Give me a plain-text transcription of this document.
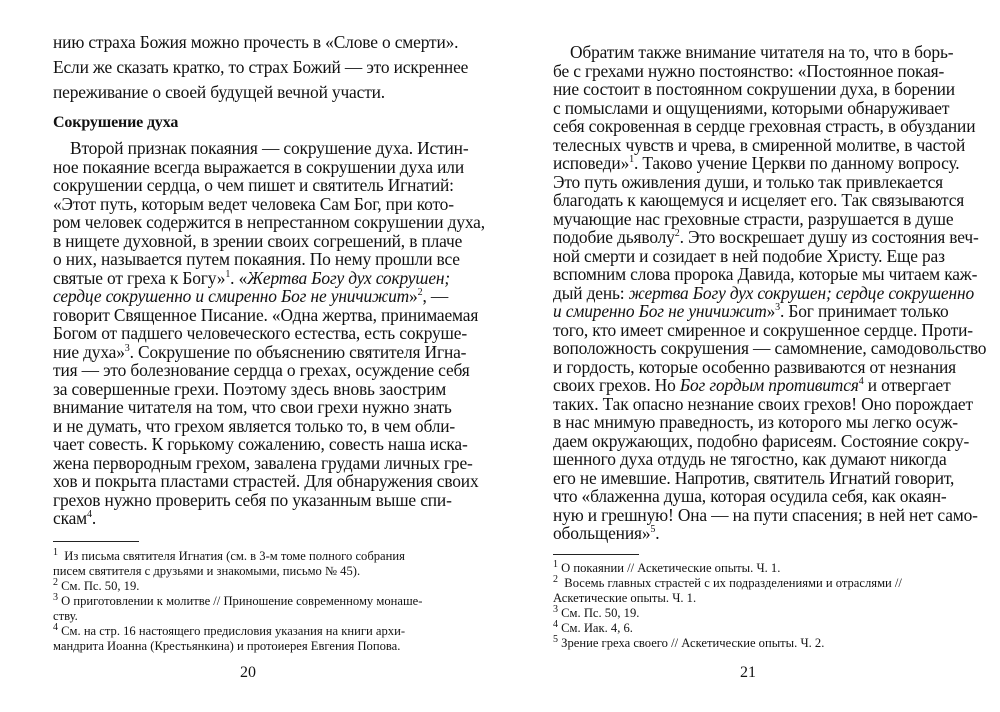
нию страха Божия можно прочесть в «Слове о смерти».
Если же сказать кратко, то страх Божий — это искреннее
переживание о своей будущей вечной участи.
Сокрушение духа
Второй признак покаяния — сокрушение духа. Истин-
ное покаяние всегда выражается в сокрушении духа или
сокрушении сердца, о чем пишет и святитель Игнатий:
«Этот путь, которым ведет человека Сам Бог, при кото-
ром человек содержится в непрестанном сокрушении духа,
в нищете духовной, в зрении своих согрешений, в плаче
о них, называется путем покаяния. По нему прошли все
святые от греха к Богу»$^1$. «Жертва Богу дух сокрушен;
сердце сокрушенно и смиренно Бог не уничижит»$^2$, —
говорит Священное Писание. «Одна жертва, принимаемая
Богом от падшего человеческого естества, есть сокруше-
ние духа»$^3$. Сокрушение по объяснению святителя Игна-
тия — это болезнование сердца о грехах, осуждение себя
за совершенные грехи. Поэтому здесь вновь заострим
внимание читателя на том, что свои грехи нужно знать
и не думать, что грехом является только то, в чем обли-
чает совесть. К горькому сожалению, совесть наша иска-
жена первородным грехом, завалена грудами личных гре-
хов и покрыта пластами страстей. Для обнаружения своих
грехов нужно проверить себя по указанным выше спи-
скам$^4$.
Обратим также внимание читателя на то, что в борь-
бе с грехами нужно постоянство: «Постоянное покая-
ние состоит в постоянном сокрушении духа, в борении
с помыслами и ощущениями, которыми обнаруживает
себя сокровенная в сердце греховная страсть, в обуздании
телесных чувств и чрева, в смиренной молитве, в частой
исповеди»$^1$. Таково учение Церкви по данному вопросу.
Это путь оживления души, и только так привлекается
благодать к кающемуся и исцеляет его. Так связываются
мучающие нас греховные страсти, разрушается в душе
подобие дьяволу$^2$. Это воскрешает душу из состояния веч-
ной смерти и созидает в ней подобие Христу. Еще раз
вспомним слова пророка Давида, которые мы читаем каж-
дый день: жертва Богу дух сокрушен; сердце сокрушенно
и смиренно Бог не уничижит»$^3$. Бог принимает только
того, кто имеет смиренное и сокрушенное сердце. Проти-
воположность сокрушения — самомнение, самодовольство
и гордость, которые особенно развиваются от незнания
своих грехов. Но Бог гордым противится$^4$ и отвергает
таких. Так опасно незнание своих грехов! Оно порождает
в нас мнимую праведность, из которого мы легко осуж-
даем окружающих, подобно фарисеям. Состояние сокру-
шенного духа отдудь не тягостно, как думают никогда
его не имевшие. Напротив, святитель Игнатий говорит,
что «блаженна душа, которая осудила себя, как окаян-
ную и грешную! Она — на пути спасения; в ней нет само-
обольщения»$^5$.
$^1$  Из письма святителя Игнатия (см. в 3-м томе полного собрания
писем святителя с друзьями и знакомыми, письмо № 45).
$^2$ См. Пс. 50, 19.
$^3$ О приготовлении к молитве // Приношение современному монаше-
ству.
$^4$ См. на стр. 16 настоящего предисловия указания на книги архи-
мандрита Иоанна (Крестьянкина) и протоиерея Евгения Попова.
20
$^1$ О покаянии // Аскетические опыты. Ч. 1.
$^2$  Восемь главных страстей с их подразделениями и отраслями //
Аскетические опыты. Ч. 1.
$^3$ См. Пс. 50, 19.
$^4$ См. Иак. 4, 6.
$^5$ Зрение греха своего // Аскетические опыты. Ч. 2.
21
